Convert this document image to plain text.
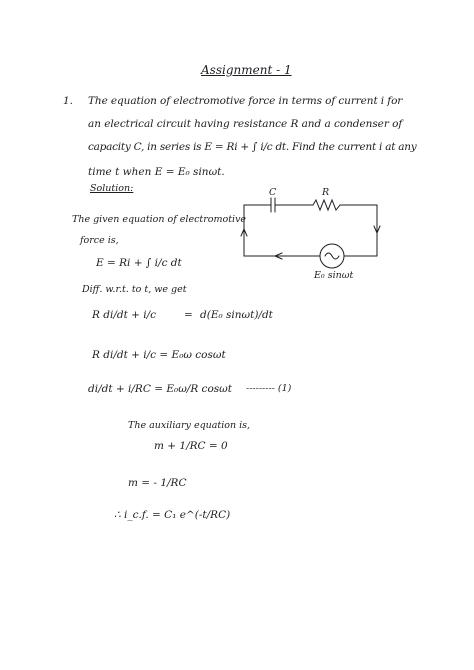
Assignment - 1
1. The equation of electromotive force in terms of current i for
an electrical circuit having resistance R and a condenser of
capacity C, in series is E = Ri + ∫ i/c dt. Find the current i at any
time t when E = E₀ sinωt.
Solution:
The given equation of electromotive
force is,
E = Ri + ∫ i/c dt
Diff. w.r.t. to t, we get
R di/dt + i/c	= d(E₀ sinωt)/dt
R di/dt + i/c = E₀ω cosωt
di/dt + i/RC = E₀ω/R cosωt --------- (1)
The auxiliary equation is,
m + 1/RC = 0
m = - 1/RC
∴ i_c.f. = C₁ e^(-t/RC)
C	R
E₀ sinωt
